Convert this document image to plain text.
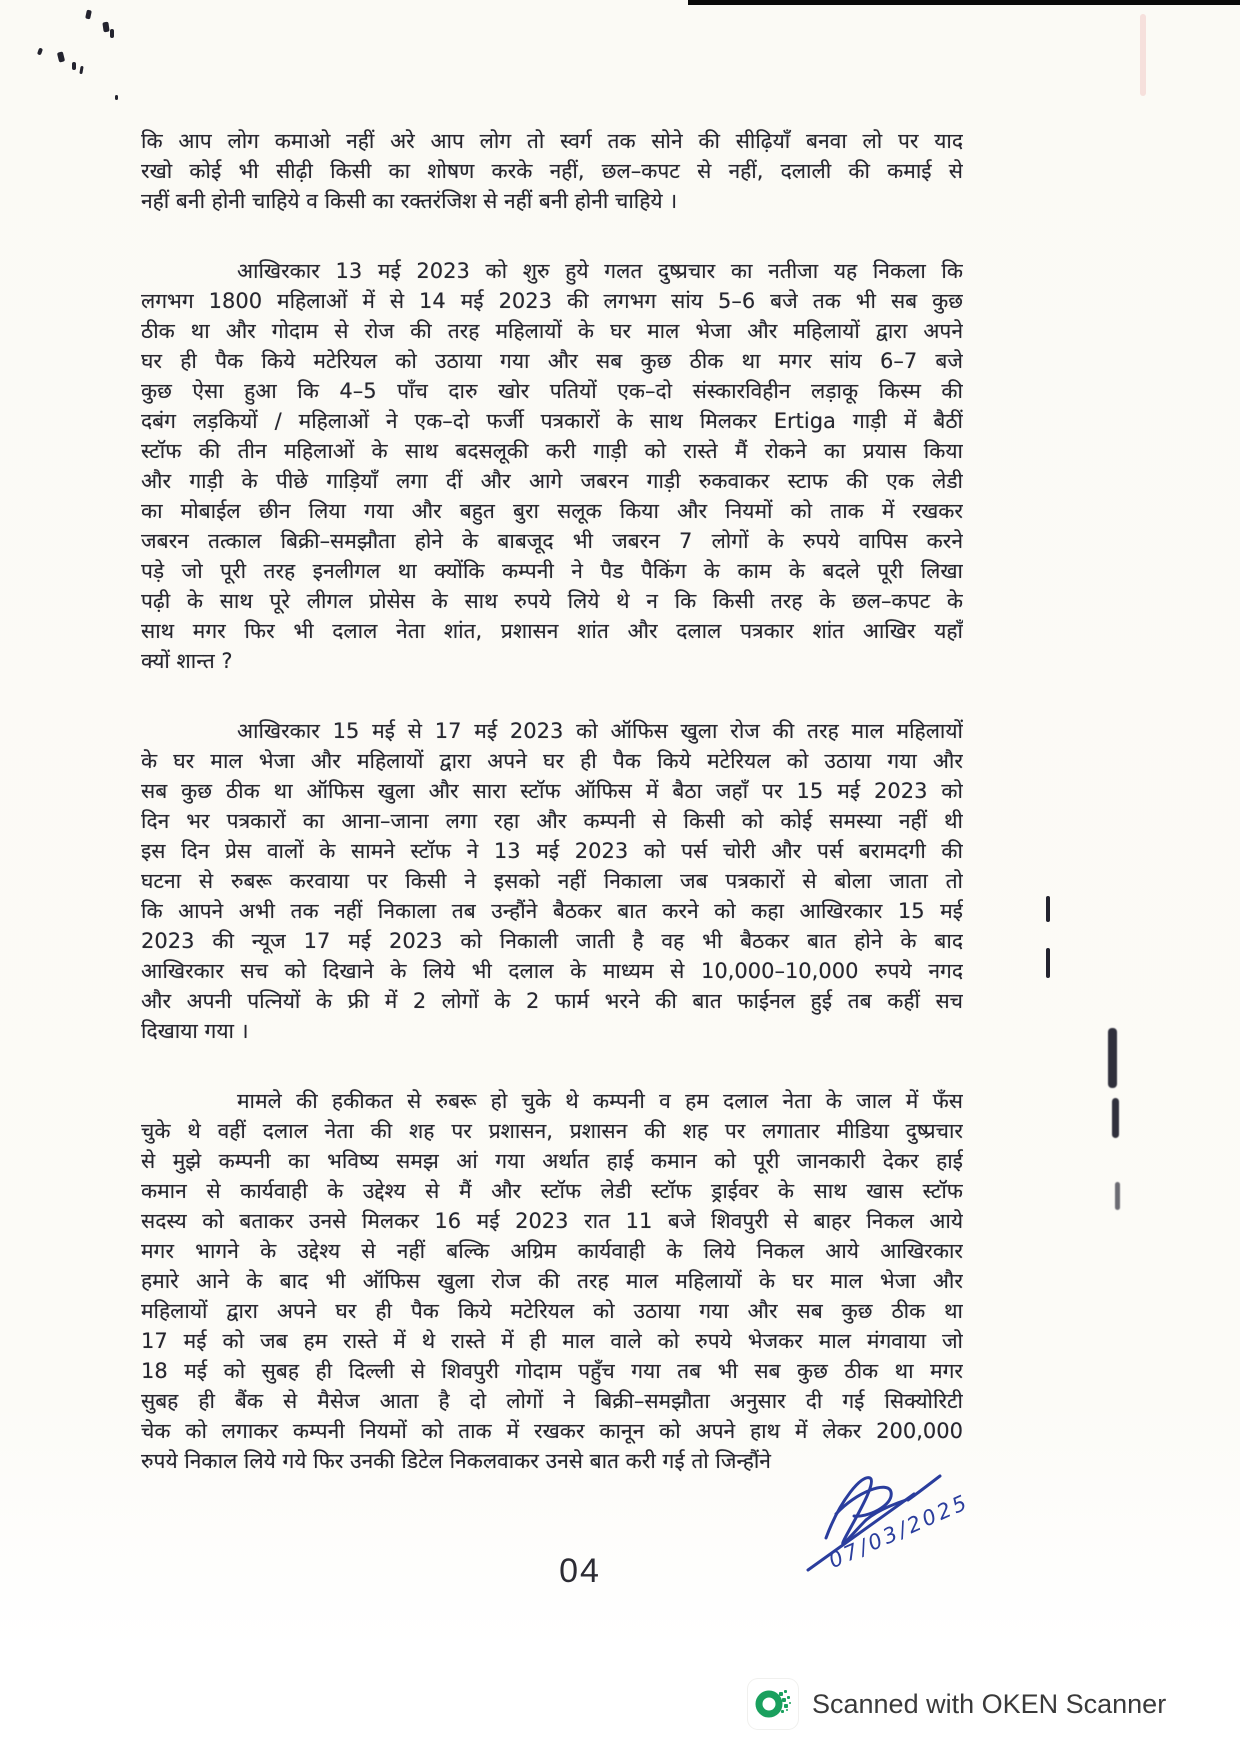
कि आप लोग कमाओ नहीं अरे आप लोग तो स्वर्ग तक सोने की सीढ़ियाँ बनवा लो पर याद
रखो कोई भी सीढ़ी किसी का शोषण करके नहीं, छल–कपट से नहीं, दलाली की कमाई से
नहीं बनी होनी चाहिये व किसी का रक्तरंजिश से नहीं बनी होनी चाहिये ।
आखिरकार 13 मई 2023 को शुरु हुये गलत दुष्प्रचार का नतीजा यह निकला कि
लगभग 1800 महिलाओं में से 14 मई 2023 की लगभग सांय 5–6 बजे तक भी सब कुछ
ठीक था और गोदाम से रोज की तरह महिलायों के घर माल भेजा और महिलायों द्वारा अपने
घर ही पैक किये मटेरियल को उठाया गया और सब कुछ ठीक था मगर सांय 6–7 बजे
कुछ ऐसा हुआ कि 4–5 पाँच दारु खोर पतियों एक–दो संस्कारविहीन लड़ाकू किस्म की
दबंग लड़कियों / महिलाओं ने एक–दो फर्जी पत्रकारों के साथ मिलकर Ertiga गाड़ी में बैठीं
स्टॉफ की तीन महिलाओं के साथ बदसलूकी करी गाड़ी को रास्ते मैं रोकने का प्रयास किया
और गाड़ी के पीछे गाड़ियाँ लगा दीं और आगे जबरन गाड़ी रुकवाकर स्टाफ की एक लेडी
का मोबाईल छीन लिया गया और बहुत बुरा सलूक किया और नियमों को ताक में रखकर
जबरन तत्काल बिक्री–समझौता होने के बाबजूद भी जबरन 7 लोगों के रुपये वापिस करने
पड़े जो पूरी तरह इनलीगल था क्योंकि कम्पनी ने पैड पैकिंग के काम के बदले पूरी लिखा
पढ़ी के साथ पूरे लीगल प्रोसेस के साथ रुपये लिये थे न कि किसी तरह के छल–कपट के
साथ मगर फिर भी दलाल नेता शांत, प्रशासन शांत और दलाल पत्रकार शांत आखिर यहाँ
क्यों शान्त ?
आखिरकार 15 मई से 17 मई 2023 को ऑफिस खुला रोज की तरह माल महिलायों
के घर माल भेजा और महिलायों द्वारा अपने घर ही पैक किये मटेरियल को उठाया गया और
सब कुछ ठीक था ऑफिस खुला और सारा स्टॉफ ऑफिस में बैठा जहाँ पर 15 मई 2023 को
दिन भर पत्रकारों का आना–जाना लगा रहा और कम्पनी से किसी को कोई समस्या नहीं थी
इस दिन प्रेस वालों के सामने स्टॉफ ने 13 मई 2023 को पर्स चोरी और पर्स बरामदगी की
घटना से रुबरू करवाया पर किसी ने इसको नहीं निकाला जब पत्रकारों से बोला जाता तो
कि आपने अभी तक नहीं निकाला तब उन्हौंने बैठकर बात करने को कहा आखिरकार 15 मई
2023 की न्यूज 17 मई 2023 को निकाली जाती है वह भी बैठकर बात होने के बाद
आखिरकार सच को दिखाने के लिये भी दलाल के माध्यम से 10,000–10,000 रुपये नगद
और अपनी पत्नियों के फ्री में 2 लोगों के 2 फार्म भरने की बात फाईनल हुई तब कहीं सच
दिखाया गया ।
मामले की हकीकत से रुबरू हो चुके थे कम्पनी व हम दलाल नेता के जाल में फँस
चुके थे वहीं दलाल नेता की शह पर प्रशासन, प्रशासन की शह पर लगातार मीडिया दुष्प्रचार
से मुझे कम्पनी का भविष्य समझ आं गया अर्थात हाई कमान को पूरी जानकारी देकर हाई
कमान से कार्यवाही के उद्देश्य से मैं और स्टॉफ लेडी स्टॉफ ड्राईवर के साथ खास स्टॉफ
सदस्य को बताकर उनसे मिलकर 16 मई 2023 रात 11 बजे शिवपुरी से बाहर निकल आये
मगर भागने के उद्देश्य से नहीं बल्कि अग्रिम कार्यवाही के लिये निकल आये आखिरकार
हमारे आने के बाद भी ऑफिस खुला रोज की तरह माल महिलायों के घर माल भेजा और
महिलायों द्वारा अपने घर ही पैक किये मटेरियल को उठाया गया और सब कुछ ठीक था
17 मई को जब हम रास्ते में थे रास्ते में ही माल वाले को रुपये भेजकर माल मंगवाया जो
18 मई को सुबह ही दिल्ली से शिवपुरी गोदाम पहुँच गया तब भी सब कुछ ठीक था मगर
सुबह ही बैंक से मैसेज आता है दो लोगों ने बिक्री–समझौता अनुसार दी गई सिक्योरिटी
चेक को लगाकर कम्पनी नियमों को ताक में रखकर कानून को अपने हाथ में लेकर 200,000
रुपये निकाल लिये गये फिर उनकी डिटेल निकलवाकर उनसे बात करी गई तो जिन्हौंने
04	07/03/2025
Scanned with OKEN Scanner
